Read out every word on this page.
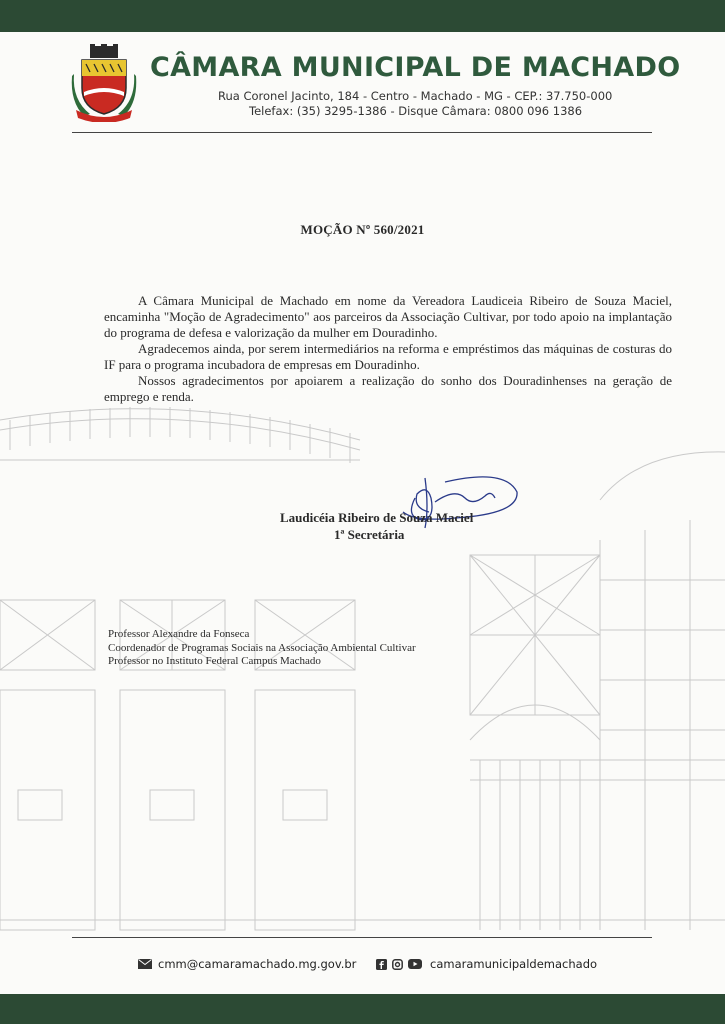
CÂMARA MUNICIPAL DE MACHADO
Rua Coronel Jacinto, 184 - Centro - Machado - MG - CEP.: 37.750-000
Telefax: (35) 3295-1386 - Disque Câmara: 0800 096 1386
MOÇÃO Nº 560/2021

A Câmara Municipal de Machado em nome da Vereadora Laudiceia Ribeiro de Souza Maciel, encaminha "Moção de Agradecimento" aos parceiros da Associação Cultivar, por todo apoio na implantação do programa de defesa e valorização da mulher em Douradinho.

Agradecemos ainda, por serem intermediários na reforma e empréstimos das máquinas de costuras do IF para o programa incubadora de empresas em Douradinho.

Nossos agradecimentos por apoiarem a realização do sonho dos Douradinhenses na geração de emprego e renda.

Laudicéia Ribeiro de Souza Maciel
1ª Secretária
Professor Alexandre da Fonseca
Coordenador de Programas Sociais na Associação Ambiental Cultivar
Professor no Instituto Federal Campus Machado
cmm@camaramachado.mg.gov.br	camaramunicipaldemachado
